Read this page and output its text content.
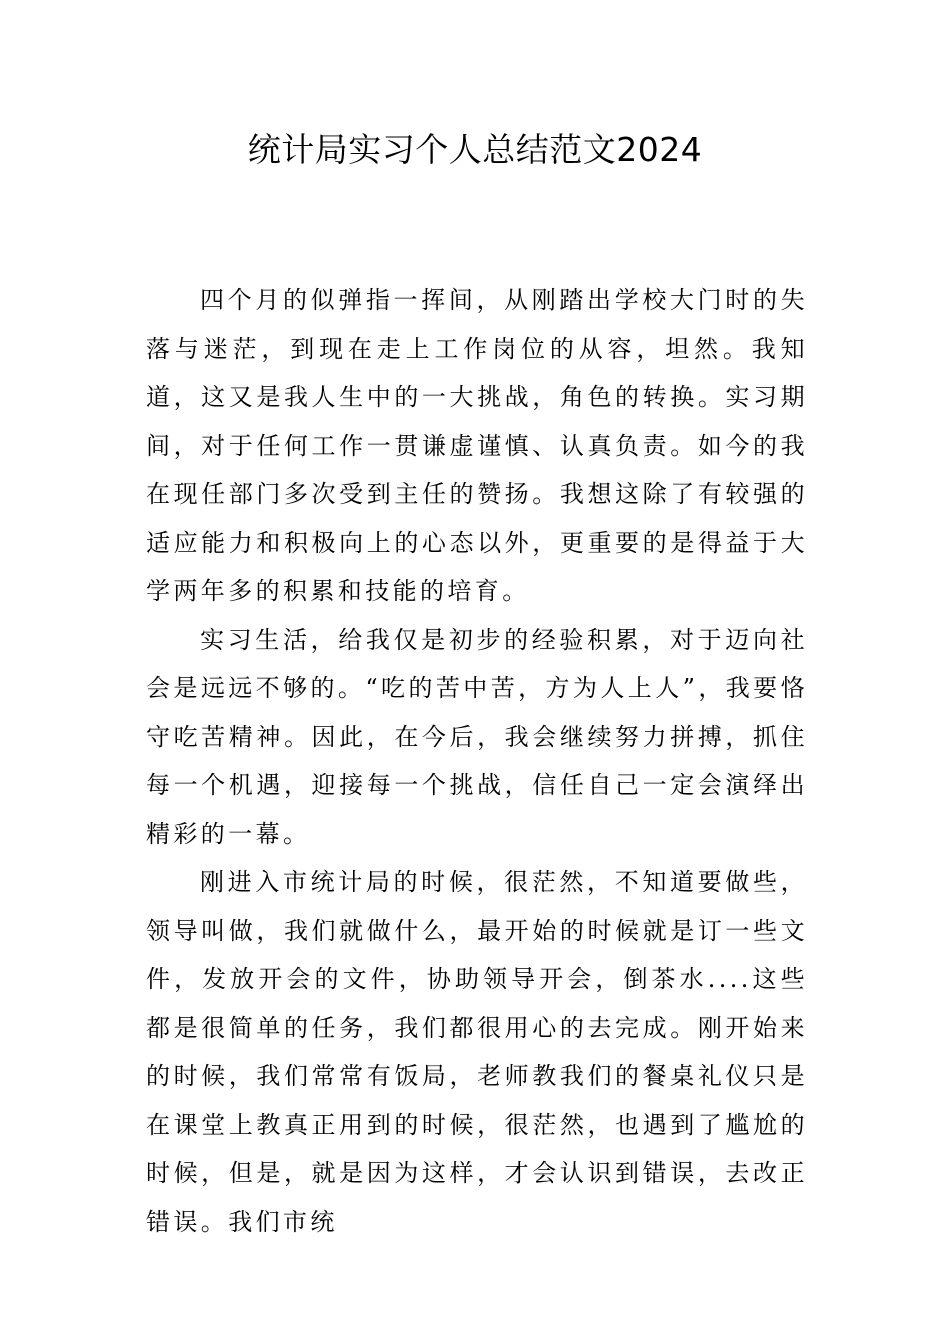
统计局实习个人总结范文2024

四个月的似弹指一挥间，从刚踏出学校大门时的失落与迷茫，到现在走上工作岗位的从容，坦然。我知道，这又是我人生中的一大挑战，角色的转换。实习期间，对于任何工作一贯谦虚谨慎、认真负责。如今的我在现任部门多次受到主任的赞扬。我想这除了有较强的适应能力和积极向上的心态以外，更重要的是得益于大学两年多的积累和技能的培育。

实习生活，给我仅是初步的经验积累，对于迈向社会是远远不够的。“吃的苦中苦，方为人上人”，我要恪守吃苦精神。因此，在今后，我会继续努力拼搏，抓住每一个机遇，迎接每一个挑战，信任自己一定会演绎出精彩的一幕。

刚进入市统计局的时候，很茫然，不知道要做些，领导叫做，我们就做什么，最开始的时候就是订一些文件，发放开会的文件，协助领导开会，倒茶水....这些都是很简单的任务，我们都很用心的去完成。刚开始来的时候，我们常常有饭局，老师教我们的餐桌礼仪只是在课堂上教真正用到的时候，很茫然，也遇到了尴尬的时候，但是，就是因为这样，才会认识到错误，去改正错误。我们市统
